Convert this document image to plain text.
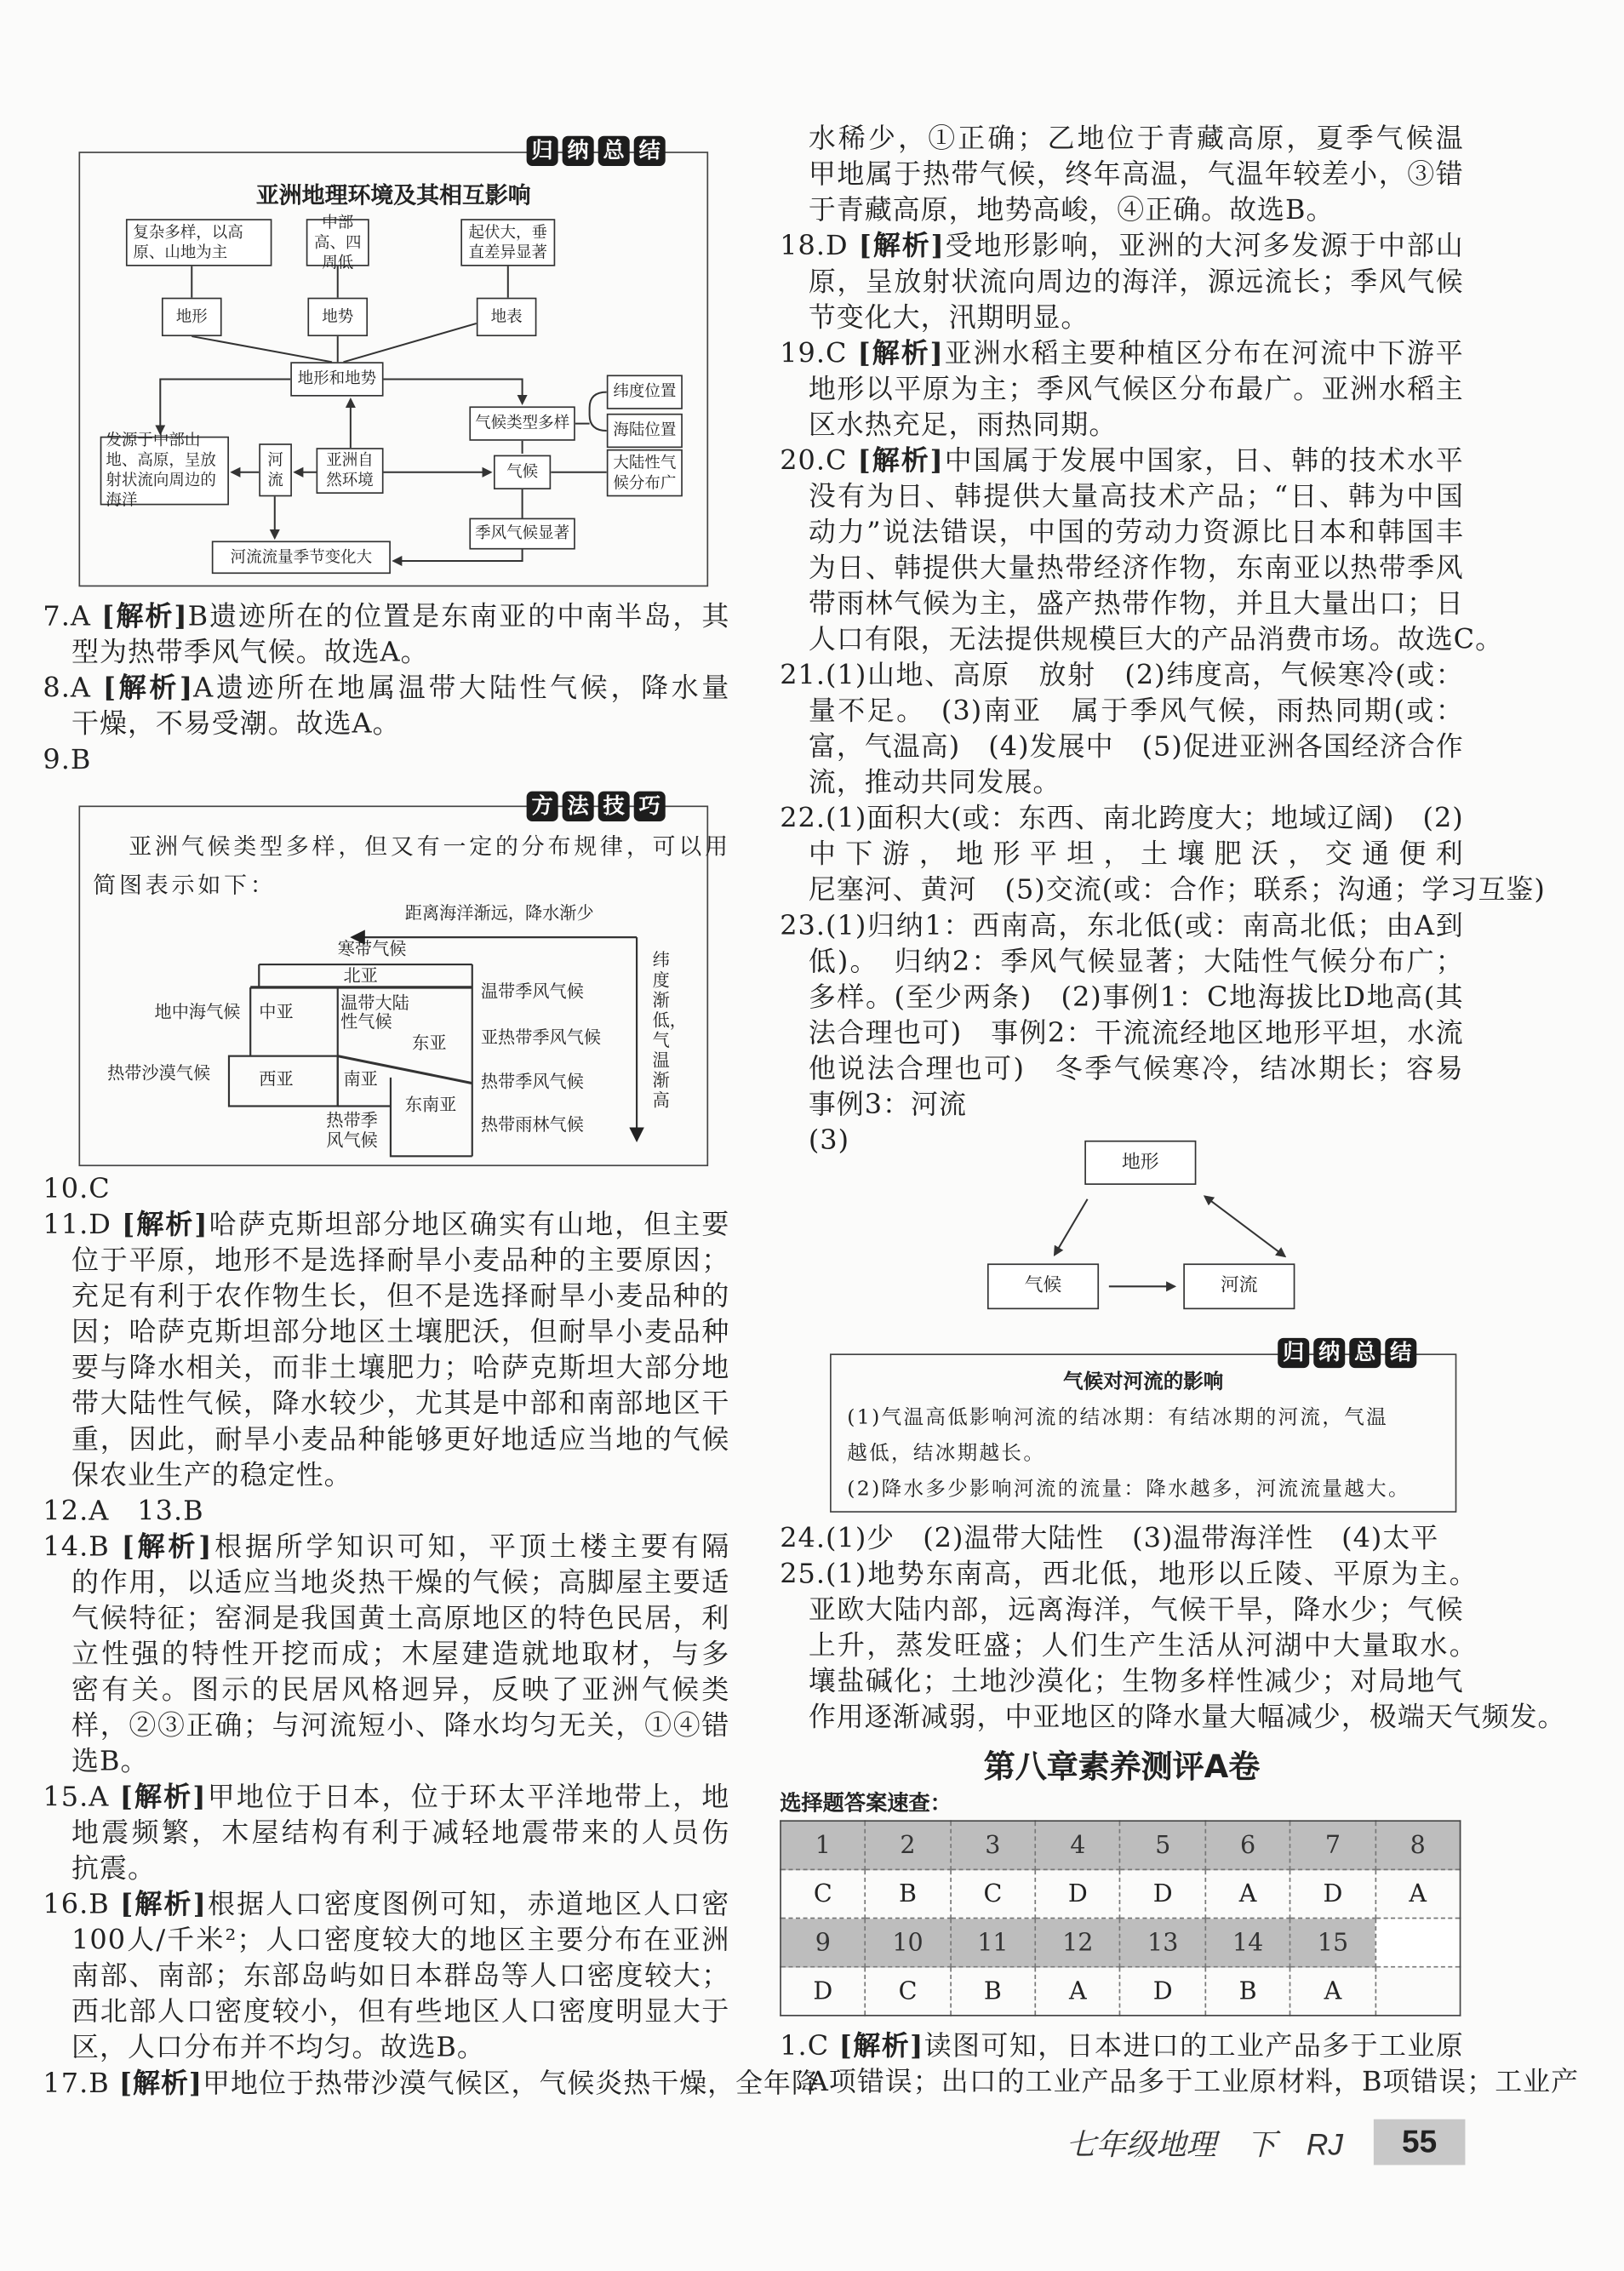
归	纳	总	结
亚洲地理环境及其相互影响
复杂多样，以高原、山地为主
中部高、四周低
起伏大，垂直差异显著
地形	地势	地表
地形和地势
气候类型多样
纬度位置
海陆位置
大陆性气候分布广
发源于中部山地、高原，呈放射状流向周边的海洋
河流
亚洲自然环境	气候
季风气候显著
河流流量季节变化大
7.A [解析]B遗迹所在的位置是东南亚的中南半岛，其
型为热带季风气候。故选A。
8.A [解析]A遗迹所在地属温带大陆性气候，降水量
干燥，不易受潮。故选A。
9.B
方	法	技	巧
亚洲气候类型多样，但又有一定的分布规律，可以用
简图表示如下：
距离海洋渐远，降水渐少
纬度渐低，气温渐高
寒带气候
北亚
中亚	温带大陆性气候
东亚
西亚	南亚
东南亚
热带季风气候
地中海气候
热带沙漠气候
温带季风气候
亚热带季风气候
热带季风气候
热带雨林气候
10.C
11.D [解析]哈萨克斯坦部分地区确实有山地，但主要
位于平原，地形不是选择耐旱小麦品种的主要原因；
充足有利于农作物生长，但不是选择耐旱小麦品种的
因；哈萨克斯坦部分地区土壤肥沃，但耐旱小麦品种
要与降水相关，而非土壤肥力；哈萨克斯坦大部分地
带大陆性气候，降水较少，尤其是中部和南部地区干
重，因此，耐旱小麦品种能够更好地适应当地的气候
保农业生产的稳定性。
12.A　13.B
14.B [解析]根据所学知识可知，平顶土楼主要有隔
的作用，以适应当地炎热干燥的气候；高脚屋主要适
气候特征；窑洞是我国黄土高原地区的特色民居，利
立性强的特性开挖而成；木屋建造就地取材，与多
密有关。图示的民居风格迥异，反映了亚洲气候类
样，②③正确；与河流短小、降水均匀无关，①④错
选B。
15.A [解析]甲地位于日本，位于环太平洋地带上，地
地震频繁，木屋结构有利于减轻地震带来的人员伤
抗震。
16.B [解析]根据人口密度图例可知，赤道地区人口密
100人/千米²；人口密度较大的地区主要分布在亚洲
南部、南部；东部岛屿如日本群岛等人口密度较大；
西北部人口密度较小，但有些地区人口密度明显大于
区，人口分布并不均匀。故选B。
17.B [解析]甲地位于热带沙漠气候区，气候炎热干燥，全年降
水稀少，①正确；乙地位于青藏高原，夏季气候温
甲地属于热带气候，终年高温，气温年较差小，③错
于青藏高原，地势高峻，④正确。故选B。
18.D [解析]受地形影响，亚洲的大河多发源于中部山
原，呈放射状流向周边的海洋，源远流长；季风气候
节变化大，汛期明显。
19.C [解析]亚洲水稻主要种植区分布在河流中下游平
地形以平原为主；季风气候区分布最广。亚洲水稻主
区水热充足，雨热同期。
20.C [解析]中国属于发展中国家，日、韩的技术水平
没有为日、韩提供大量高技术产品；“日、韩为中国
动力”说法错误，中国的劳动力资源比日本和韩国丰
为日、韩提供大量热带经济作物，东南亚以热带季风
带雨林气候为主，盛产热带作物，并且大量出口；日
人口有限，无法提供规模巨大的产品消费市场。故选C。
21.(1)山地、高原　放射　(2)纬度高，气候寒冷(或：
量不足。　(3)南亚　属于季风气候，雨热同期(或：
富，气温高)　(4)发展中　(5)促进亚洲各国经济合作
流，推动共同发展。
22.(1)面积大(或：东西、南北跨度大；地域辽阔)　(2)
中下游，地形平坦，土壤肥沃，交通便利　　
尼塞河、黄河　(5)交流(或：合作；联系；沟通；学习互鉴)
23.(1)归纳1：西南高，东北低(或：南高北低；由A到
低)。　归纳2：季风气候显著；大陆性气候分布广；
多样。(至少两条)　(2)事例1：C地海拔比D地高(其
法合理也可)　事例2：干流流经地区地形平坦，水流
他说法合理也可)　冬季气候寒冷，结冰期长；容易
事例3：河流
(3)
地形
气候	河流
归	纳	总	结
气候对河流的影响
(1)气温高低影响河流的结冰期：有结冰期的河流，气温
越低，结冰期越长。
(2)降水多少影响河流的流量：降水越多，河流流量越大。
24.(1)少　(2)温带大陆性　(3)温带海洋性　(4)太平
25.(1)地势东南高，西北低，地形以丘陵、平原为主。　
亚欧大陆内部，远离海洋，气候干旱，降水少；气候
上升，蒸发旺盛；人们生产生活从河湖中大量取水。　
壤盐碱化；土地沙漠化；生物多样性减少；对局地气
作用逐渐减弱，中亚地区的降水量大幅减少，极端天气频发。
第八章素养测评A卷
选择题答案速查：
1	2	3	4	5	6	7	8
C	B	C	D	D	A	D	A
9	10	11	12	13	14	15	
D	C	B	A	D	B	A	
1.C [解析]读图可知，日本进口的工业产品多于工业原
A项错误；出口的工业产品多于工业原材料，B项错误；工业产
七年级地理　下　RJ	55
